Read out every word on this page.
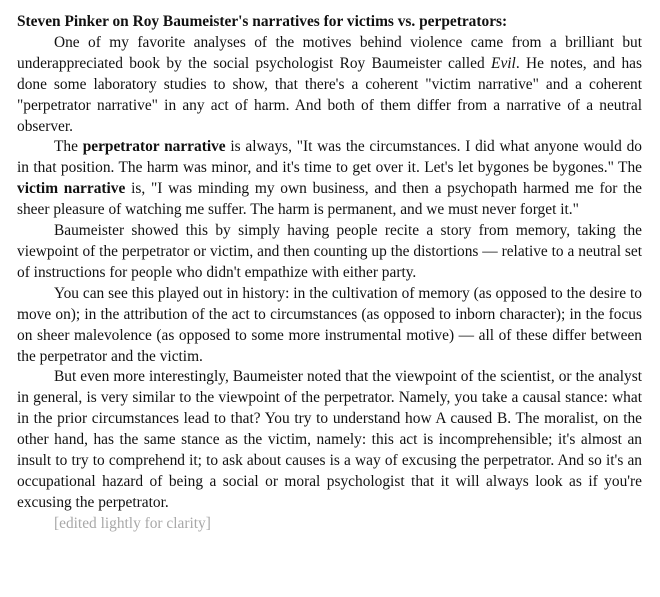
Steven Pinker on Roy Baumeister's narratives for victims vs. perpetrators:

One of my favorite analyses of the motives behind violence came from a brilliant but underappreciated book by the social psychologist Roy Baumeister called Evil. He notes, and has done some laboratory studies to show, that there's a coherent "victim narrative" and a coherent "perpetrator narrative" in any act of harm. And both of them differ from a narrative of a neutral observer.

The perpetrator narrative is always, "It was the circumstances. I did what anyone would do in that position. The harm was minor, and it's time to get over it. Let's let bygones be bygones." The victim narrative is, "I was minding my own business, and then a psychopath harmed me for the sheer pleasure of watching me suffer. The harm is permanent, and we must never forget it."

Baumeister showed this by simply having people recite a story from memory, taking the viewpoint of the perpetrator or victim, and then counting up the distortions — relative to a neutral set of instructions for people who didn't empathize with either party.

You can see this played out in history: in the cultivation of memory (as opposed to the desire to move on); in the attribution of the act to circumstances (as opposed to inborn character); in the focus on sheer malevolence (as opposed to some more instrumental motive) — all of these differ between the perpetrator and the victim.

But even more interestingly, Baumeister noted that the viewpoint of the scientist, or the analyst in general, is very similar to the viewpoint of the perpetrator. Namely, you take a causal stance: what in the prior circumstances lead to that? You try to understand how A caused B. The moralist, on the other hand, has the same stance as the victim, namely: this act is incomprehensible; it's almost an insult to try to comprehend it; to ask about causes is a way of excusing the perpetrator. And so it's an occupational hazard of being a social or moral psychologist that it will always look as if you're excusing the perpetrator.

[edited lightly for clarity]
